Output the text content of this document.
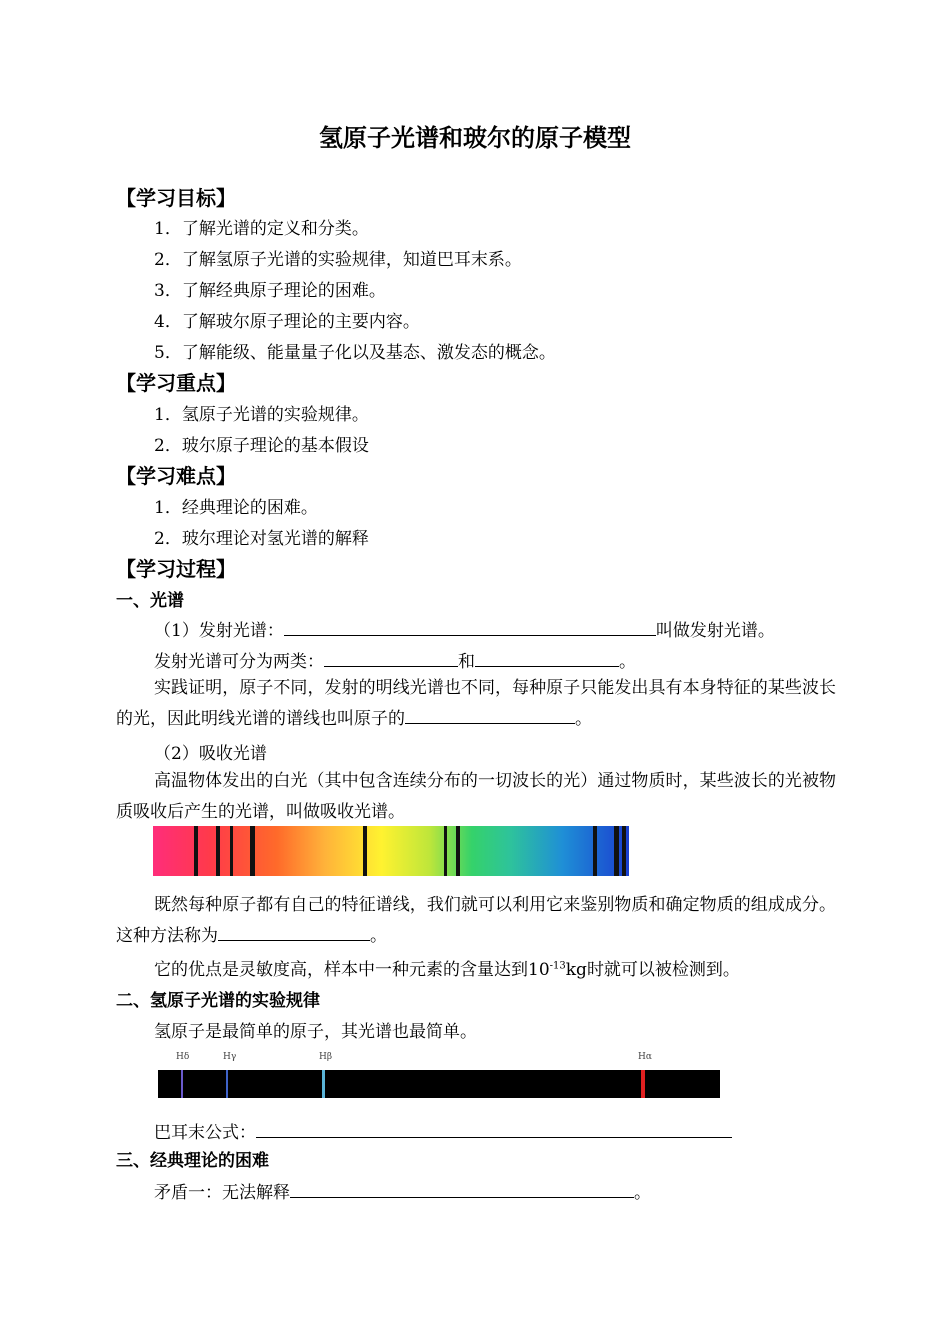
氢原子光谱和玻尔的原子模型
【学习目标】
1．了解光谱的定义和分类。
2．了解氢原子光谱的实验规律，知道巴耳末系。
3．了解经典原子理论的困难。
4．了解玻尔原子理论的主要内容。
5．了解能级、能量量子化以及基态、激发态的概念。
【学习重点】
1．氢原子光谱的实验规律。
2．玻尔原子理论的基本假设
【学习难点】
1．经典理论的困难。
2．玻尔理论对氢光谱的解释
【学习过程】
一、光谱
（1）发射光谱：	叫做发射光谱。
发射光谱可分为两类：	和	。
实践证明，原子不同，发射的明线光谱也不同，每种原子只能发出具有本身特征的某些波长的光，因此明线光谱的谱线也叫原子的	。
（2）吸收光谱
高温物体发出的白光（其中包含连续分布的一切波长的光）通过物质时，某些波长的光被物质吸收后产生的光谱，叫做吸收光谱。
既然每种原子都有自己的特征谱线，我们就可以利用它来鉴别物质和确定物质的组成成分。这种方法称为	。
它的优点是灵敏度高，样本中一种元素的含量达到$10^{-13}kg$时就可以被检测到。
二、氢原子光谱的实验规律
氢原子是最简单的原子，其光谱也最简单。
Hδ	Hγ	Hβ	Hα
巴耳末公式：
三、经典理论的困难
矛盾一：无法解释	。
